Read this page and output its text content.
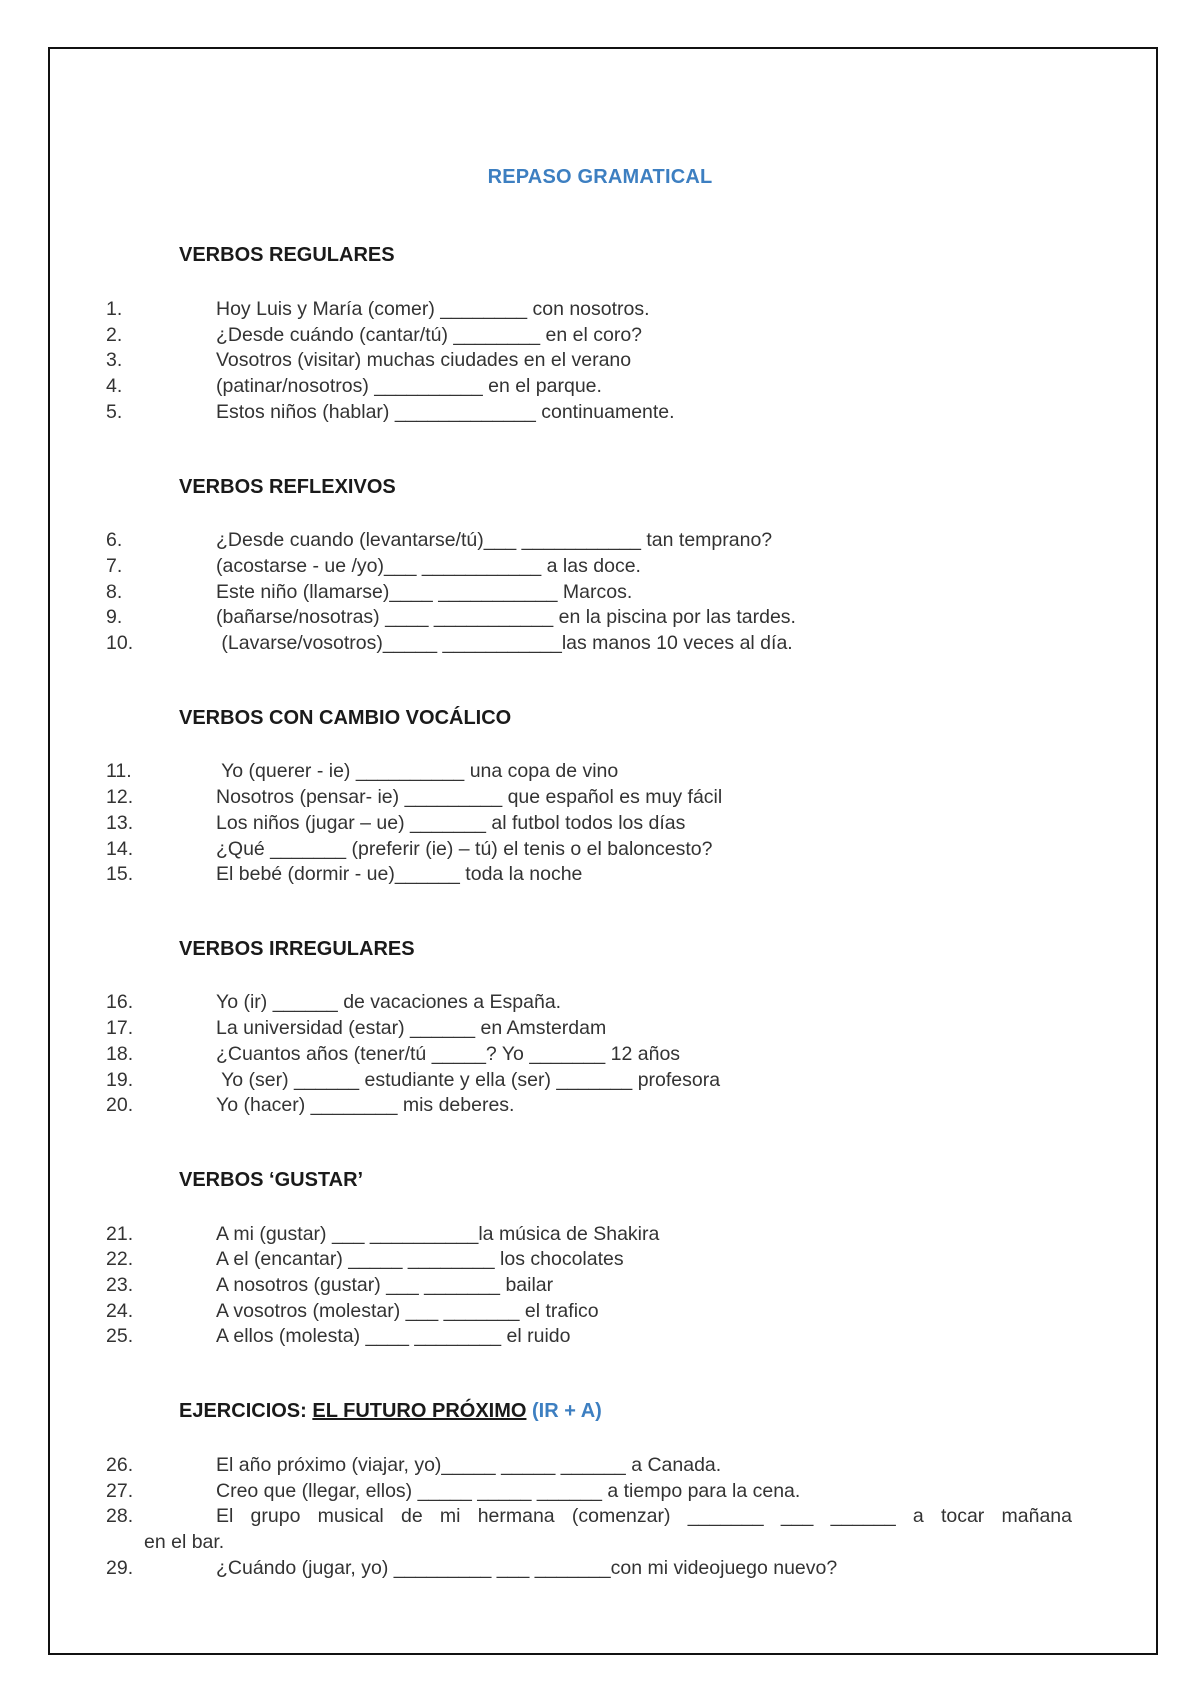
REPASO GRAMATICAL
VERBOS REGULARES
1.	Hoy Luis y María (comer) ________ con nosotros.
2.	¿Desde cuándo (cantar/tú) ________ en el coro?
3.	Vosotros (visitar) muchas ciudades en el verano
4.	(patinar/nosotros) __________ en el parque.
5.	Estos niños (hablar) _____________ continuamente.
VERBOS REFLEXIVOS
6.	¿Desde cuando (levantarse/tú)___ ___________ tan temprano?
7.	(acostarse - ue /yo)___ ___________ a las doce.
8.	Este niño (llamarse)____ ___________ Marcos.
9.	(bañarse/nosotras) ____ ___________ en la piscina por las tardes.
10.	(Lavarse/vosotros)_____ ___________las manos 10 veces al día.
VERBOS CON CAMBIO VOCÁLICO
11.	Yo (querer - ie) __________ una copa de vino
12.	Nosotros (pensar- ie) _________ que español es muy fácil
13.	Los niños (jugar – ue) _______ al futbol todos los días
14.	¿Qué _______ (preferir (ie) – tú) el tenis o el baloncesto?
15.	El bebé (dormir - ue)______ toda la noche
VERBOS IRREGULARES
16.	Yo (ir) ______ de vacaciones a España.
17.	La universidad (estar) ______ en Amsterdam
18.	¿Cuantos años (tener/tú _____? Yo _______ 12 años
19.	Yo (ser) ______ estudiante y ella (ser) _______ profesora
20.	Yo (hacer) ________ mis deberes.
VERBOS ‘GUSTAR’
21.	A mi (gustar) ___ __________la música de Shakira
22.	A el (encantar) _____ ________ los chocolates
23.	A nosotros (gustar) ___ _______ bailar
24.	A vosotros (molestar) ___ _______ el trafico
25.	A ellos (molesta) ____ ________ el ruido
EJERCICIOS: EL FUTURO PRÓXIMO (IR + A)
26.	El año próximo (viajar, yo)_____ _____ ______ a Canada.
27.	Creo que (llegar, ellos) _____ _____ ______ a tiempo para la cena.
28.	El grupo musical de mi hermana (comenzar) _______ ___ ______ a tocar mañana
en el bar.
29.	¿Cuándo (jugar, yo) _________ ___ _______con mi videojuego nuevo?
